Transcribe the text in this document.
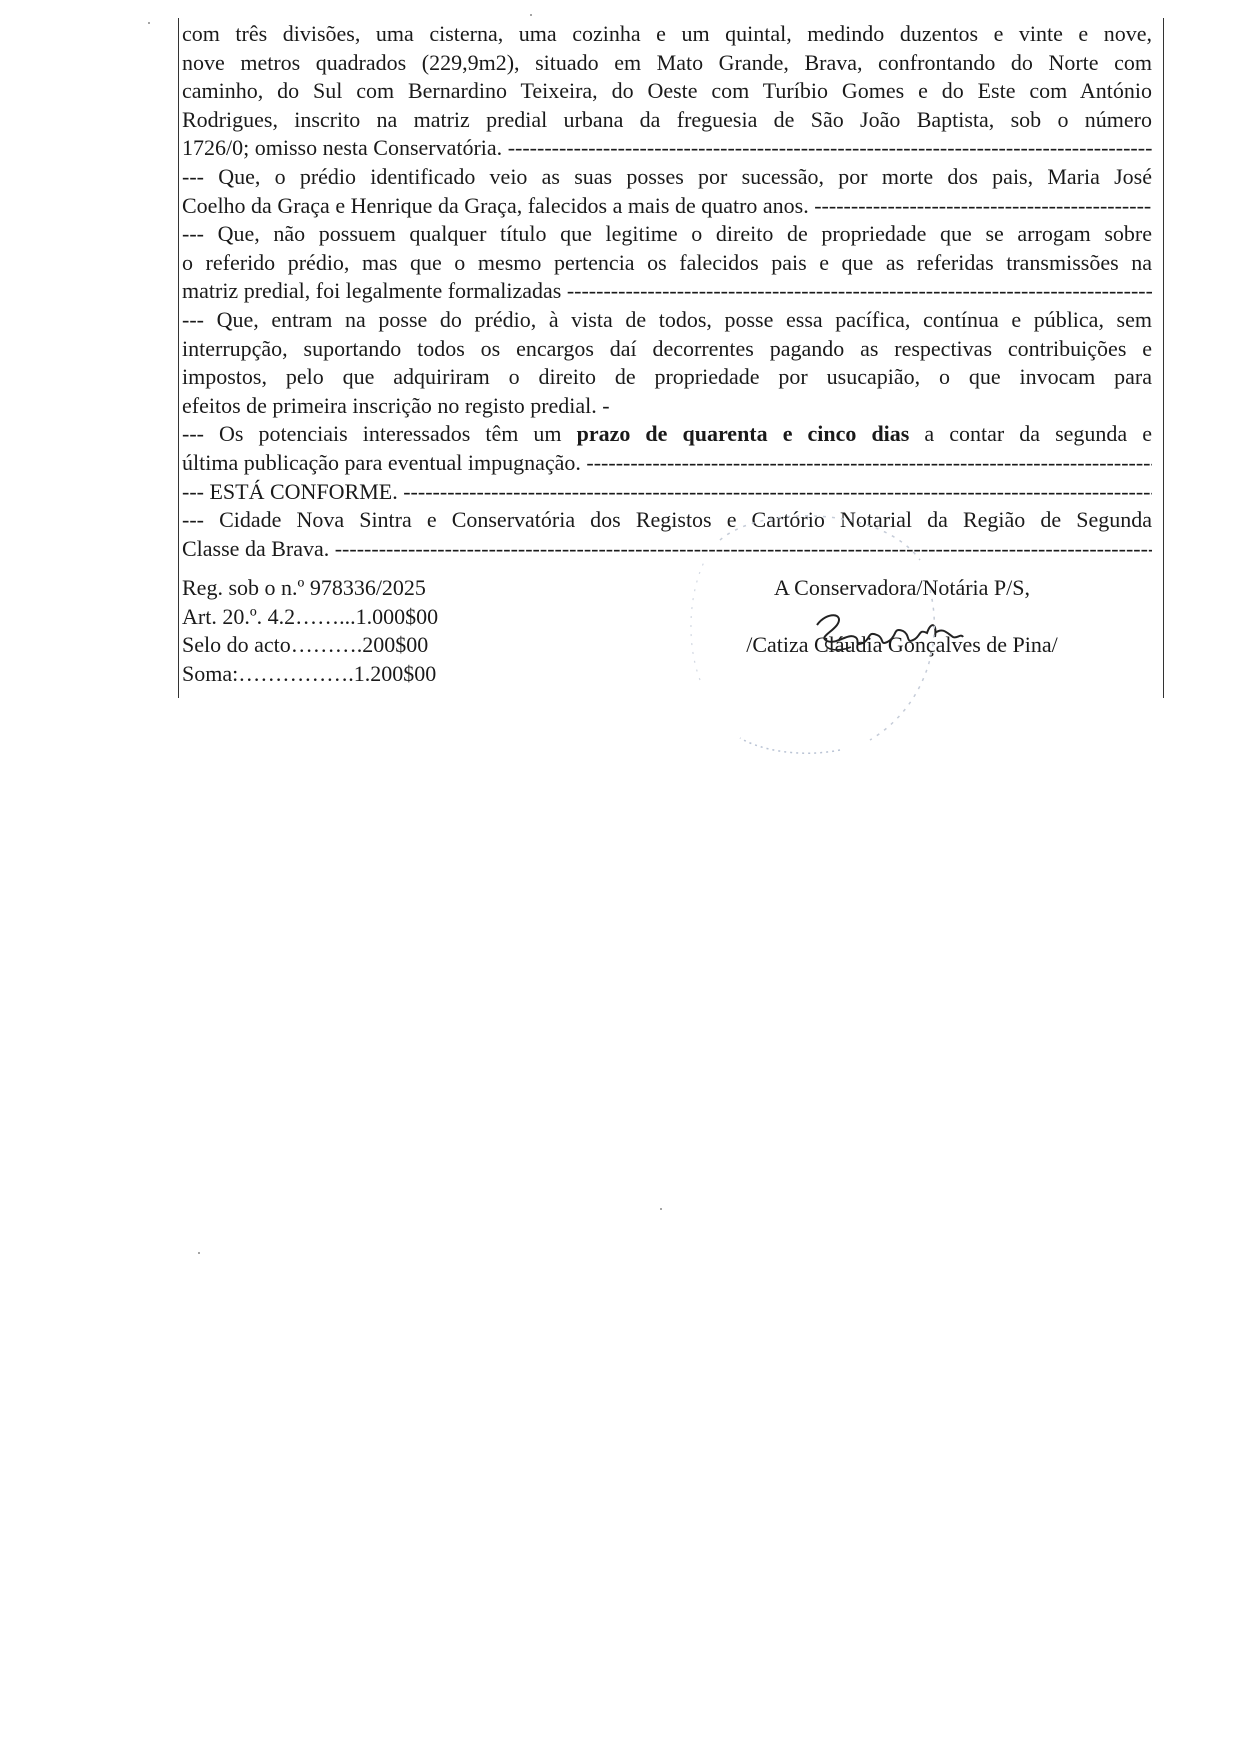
com três divisões, uma cisterna, uma cozinha e um quintal, medindo duzentos e vinte e nove,
nove metros quadrados (229,9m2), situado em Mato Grande, Brava, confrontando do Norte com
caminho, do Sul com Bernardino Teixeira, do Oeste com Turíbio Gomes e do Este com António
Rodrigues, inscrito na matriz predial urbana da freguesia de São João Baptista, sob o número
1726/0; omisso nesta Conservatória. -----
--- Que, o prédio identificado veio as suas posses por sucessão, por morte dos pais, Maria José
Coelho da Graça e Henrique da Graça, falecidos a mais de quatro anos. -----
--- Que, não possuem qualquer título que legitime o direito de propriedade que se arrogam sobre
o referido prédio, mas que o mesmo pertencia os falecidos pais e que as referidas transmissões na
matriz predial, foi legalmente formalizadas -----
--- Que, entram na posse do prédio, à vista de todos, posse essa pacífica, contínua e pública, sem
interrupção, suportando todos os encargos daí decorrentes pagando as respectivas contribuições e
impostos, pelo que adquiriram o direito de propriedade por usucapião, o que invocam para
efeitos de primeira inscrição no registo predial. -
--- Os potenciais interessados têm um prazo de quarenta e cinco dias a contar da segunda e
última publicação para eventual impugnação. -----
--- ESTÁ CONFORME. -----
--- Cidade Nova Sintra e Conservatória dos Registos e Cartório Notarial da Região de Segunda
Classe da Brava. -----
Reg. sob o n.º 978336/2025
Art. 20.º. 4.2……...1.000$00
Selo do acto……….200$00
Soma:…………….1.200$00
A Conservadora/Notária P/S,
/Catiza Cláudia Gonçalves de Pina/
